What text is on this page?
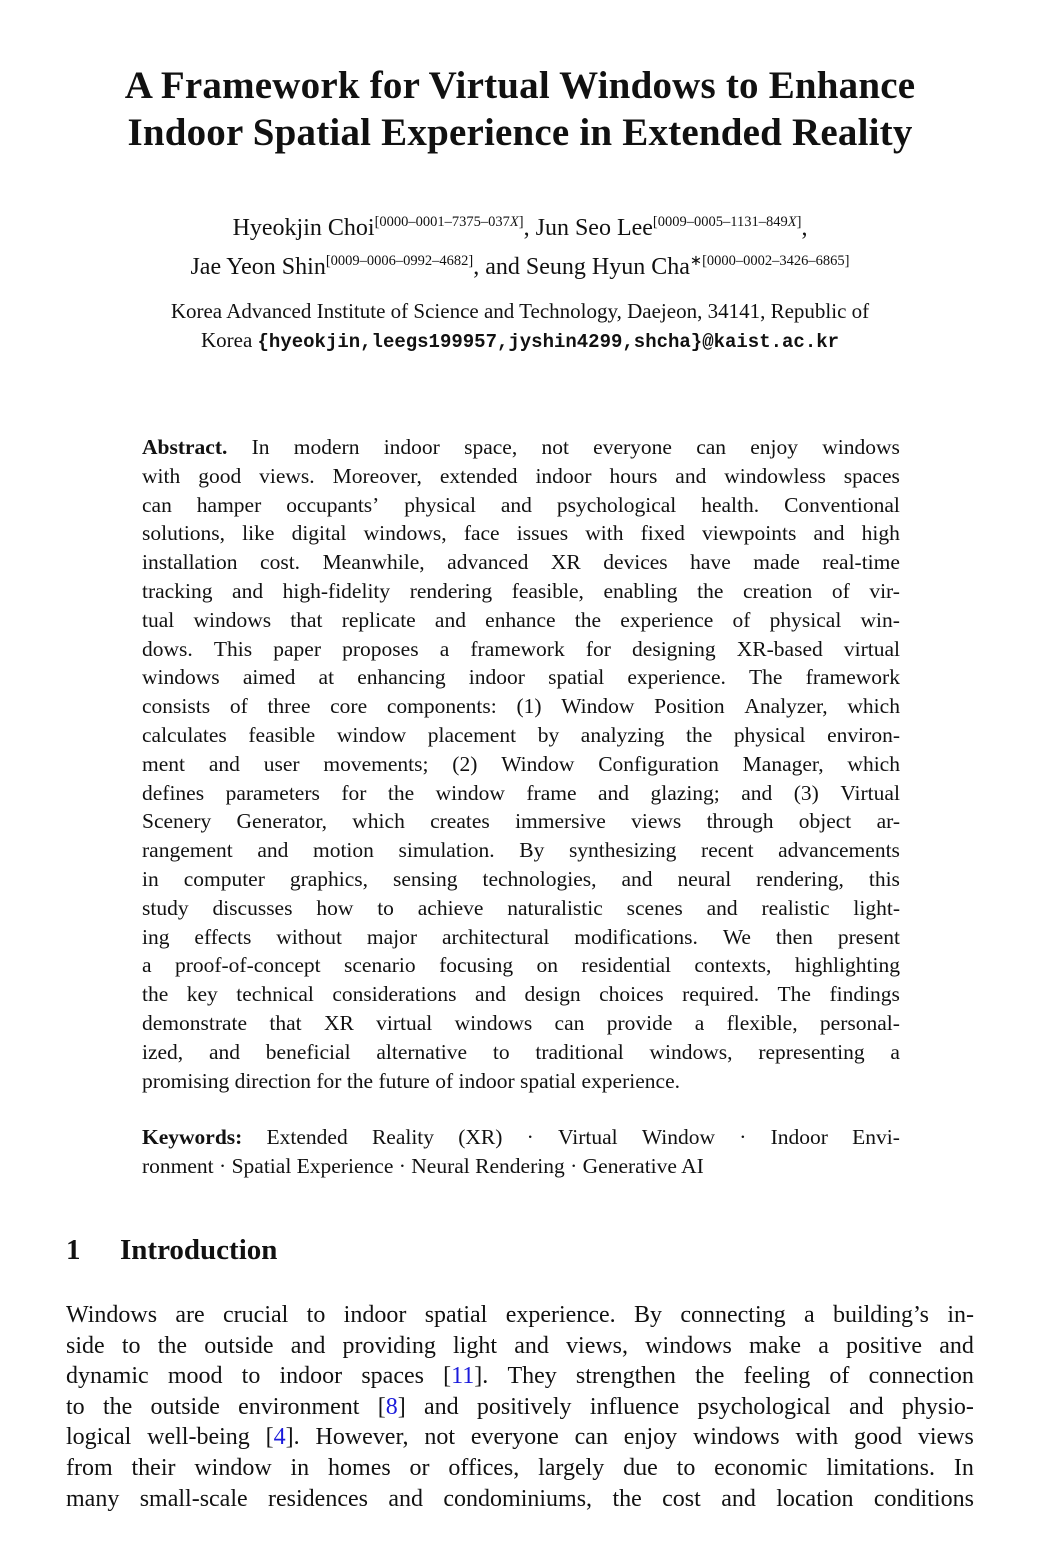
A Framework for Virtual Windows to Enhance
Indoor Spatial Experience in Extended Reality
Hyeokjin Choi[0000–0001–7375–037X], Jun Seo Lee[0009–0005–1131–849X],
Jae Yeon Shin[0009–0006–0992–4682], and Seung Hyun Cha$^{∗[0000-0002-3426-6865]}$
Korea Advanced Institute of Science and Technology, Daejeon, 34141, Republic of
Korea {hyeokjin,leegs199957,jyshin4299,shcha}@kaist.ac.kr
Abstract. In modern indoor space, not everyone can enjoy windows
with good views. Moreover, extended indoor hours and windowless spaces
can hamper occupants’ physical and psychological health. Conventional
solutions, like digital windows, face issues with fixed viewpoints and high
installation cost. Meanwhile, advanced XR devices have made real-time
tracking and high-fidelity rendering feasible, enabling the creation of vir-
tual windows that replicate and enhance the experience of physical win-
dows. This paper proposes a framework for designing XR-based virtual
windows aimed at enhancing indoor spatial experience. The framework
consists of three core components: (1) Window Position Analyzer, which
calculates feasible window placement by analyzing the physical environ-
ment and user movements; (2) Window Configuration Manager, which
defines parameters for the window frame and glazing; and (3) Virtual
Scenery Generator, which creates immersive views through object ar-
rangement and motion simulation. By synthesizing recent advancements
in computer graphics, sensing technologies, and neural rendering, this
study discusses how to achieve naturalistic scenes and realistic light-
ing effects without major architectural modifications. We then present
a proof-of-concept scenario focusing on residential contexts, highlighting
the key technical considerations and design choices required. The findings
demonstrate that XR virtual windows can provide a flexible, personal-
ized, and beneficial alternative to traditional windows, representing a
promising direction for the future of indoor spatial experience.
Keywords: Extended Reality (XR) · Virtual Window · Indoor Envi-
ronment · Spatial Experience · Neural Rendering · Generative AI
1 Introduction
Windows are crucial to indoor spatial experience. By connecting a building’s in-
side to the outside and providing light and views, windows make a positive and
dynamic mood to indoor spaces [11]. They strengthen the feeling of connection
to the outside environment [8] and positively influence psychological and physio-
logical well-being [4]. However, not everyone can enjoy windows with good views
from their window in homes or offices, largely due to economic limitations. In
many small-scale residences and condominiums, the cost and location conditions
